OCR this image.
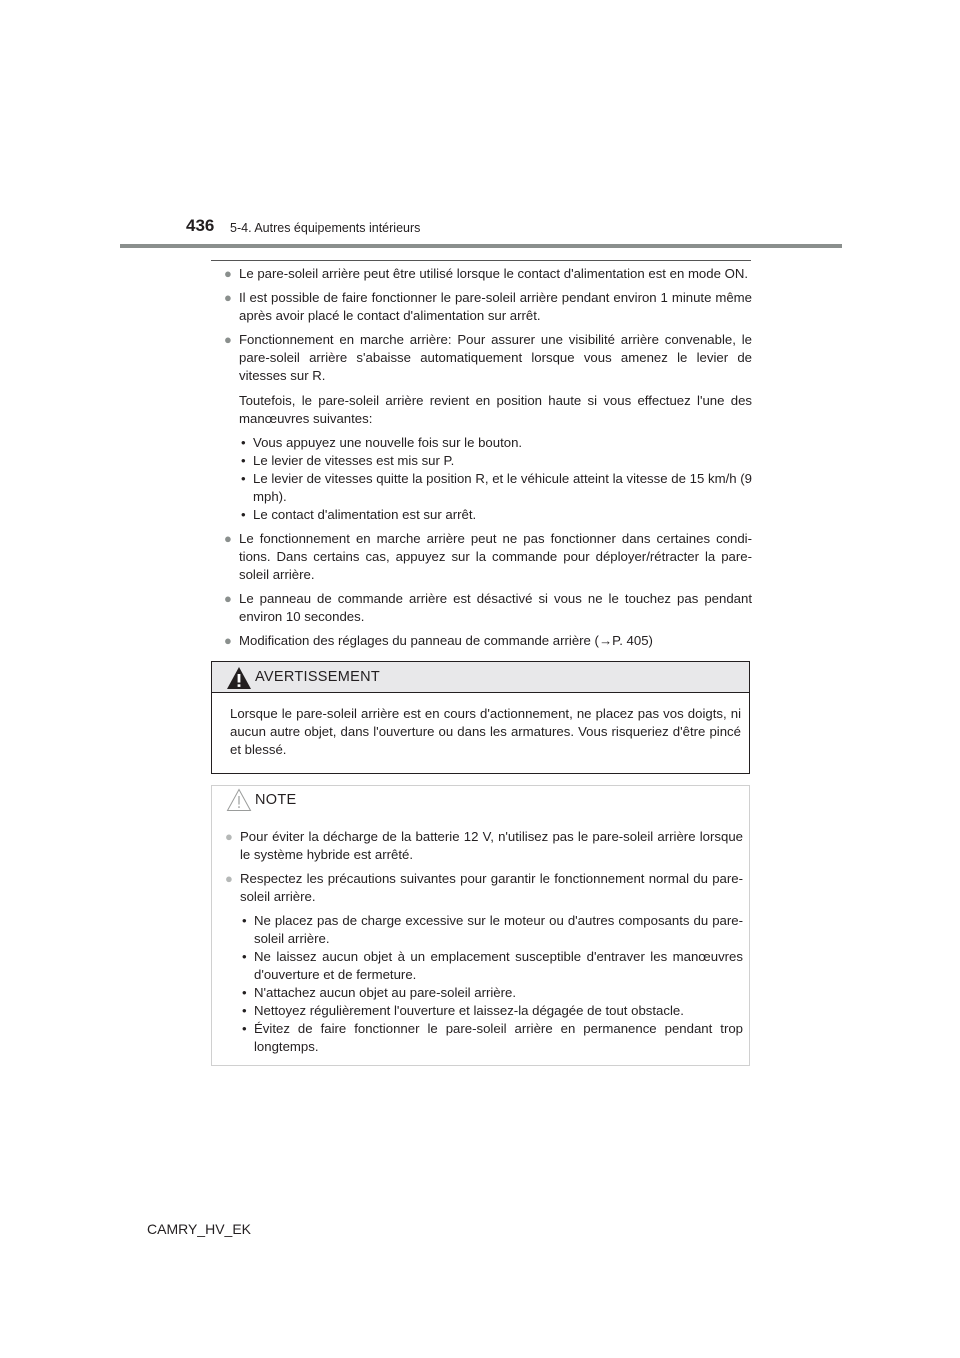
436 5-4. Autres équipements intérieurs
● Le pare-soleil arrière peut être utilisé lorsque le contact d'alimentation est en mode ON.
● Il est possible de faire fonctionner le pare-soleil arrière pendant environ 1 minute même après avoir placé le contact d'alimentation sur arrêt.
● Fonctionnement en marche arrière: Pour assurer une visibilité arrière convenable, le pare-soleil arrière s'abaisse automatiquement lorsque vous amenez le levier de vitesses sur R.
Toutefois, le pare-soleil arrière revient en position haute si vous effectuez l'une des manœuvres suivantes:
• Vous appuyez une nouvelle fois sur le bouton.
• Le levier de vitesses est mis sur P.
• Le levier de vitesses quitte la position R, et le véhicule atteint la vitesse de 15 km/h (9 mph).
• Le contact d'alimentation est sur arrêt.
● Le fonctionnement en marche arrière peut ne pas fonctionner dans certaines condi-tions. Dans certains cas, appuyez sur la commande pour déployer/rétracter la pare-soleil arrière.
● Le panneau de commande arrière est désactivé si vous ne le touchez pas pendant environ 10 secondes.
● Modification des réglages du panneau de commande arrière (→P. 405)
AVERTISSEMENT
Lorsque le pare-soleil arrière est en cours d'actionnement, ne placez pas vos doigts, ni aucun autre objet, dans l'ouverture ou dans les armatures. Vous risqueriez d'être pincé et blessé.
NOTE
● Pour éviter la décharge de la batterie 12 V, n'utilisez pas le pare-soleil arrière lorsque le système hybride est arrêté.
● Respectez les précautions suivantes pour garantir le fonctionnement normal du pare-soleil arrière.
• Ne placez pas de charge excessive sur le moteur ou d'autres composants du pare-soleil arrière.
• Ne laissez aucun objet à un emplacement susceptible d'entraver les manœuvres d'ouverture et de fermeture.
• N'attachez aucun objet au pare-soleil arrière.
• Nettoyez régulièrement l'ouverture et laissez-la dégagée de tout obstacle.
• Évitez de faire fonctionner le pare-soleil arrière en permanence pendant trop longtemps.
CAMRY_HV_EK
